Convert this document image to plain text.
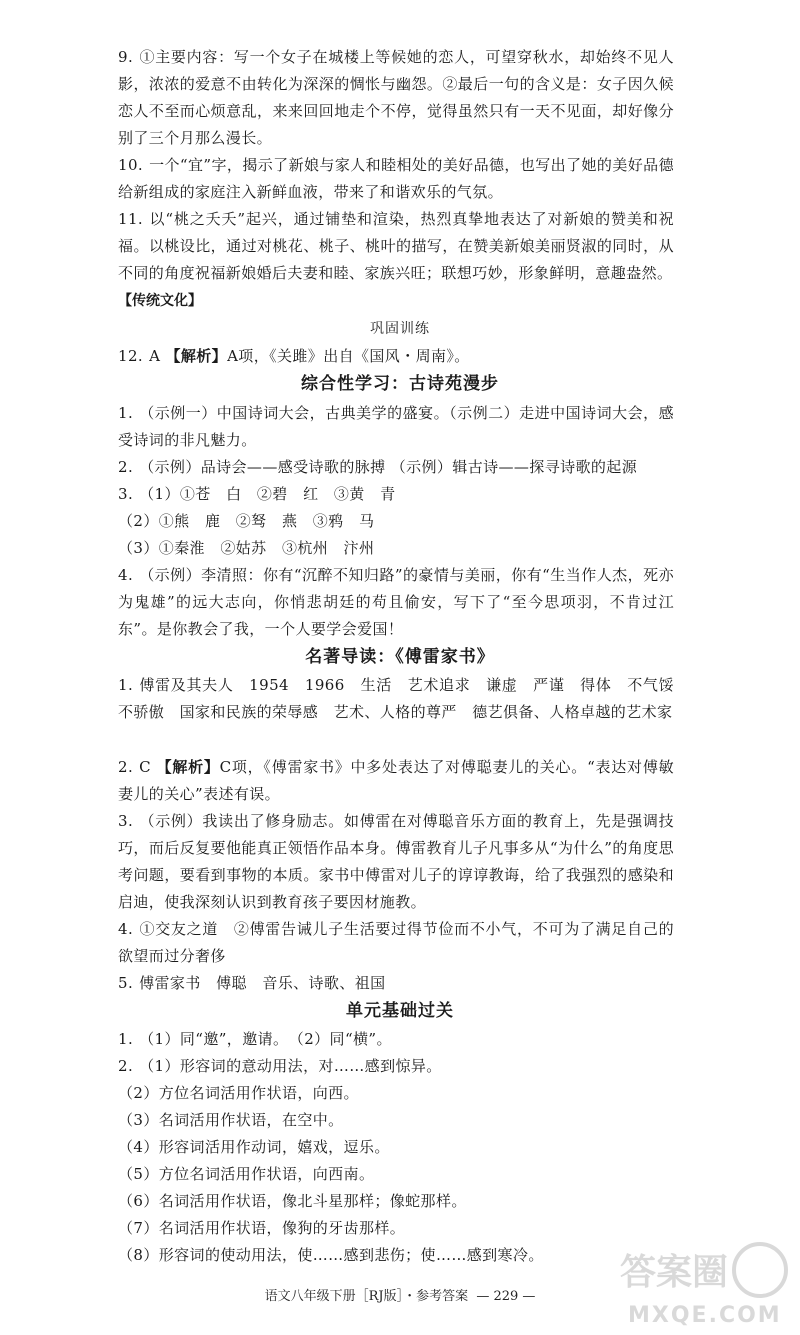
9. ①主要内容：写一个女子在城楼上等候她的恋人，可望穿秋水，却始终不见人影，浓浓的爱意不由转化为深深的惆怅与幽怨。②最后一句的含义是：女子因久候恋人不至而心烦意乱，来来回回地走个不停，觉得虽然只有一天不见面，却好像分别了三个月那么漫长。

10. 一个“宜”字，揭示了新娘与家人和睦相处的美好品德，也写出了她的美好品德给新组成的家庭注入新鲜血液，带来了和谐欢乐的气氛。

11. 以“桃之夭夭”起兴，通过铺垫和渲染，热烈真挚地表达了对新娘的赞美和祝福。以桃设比，通过对桃花、桃子、桃叶的描写，在赞美新娘美丽贤淑的同时，从不同的角度祝福新娘婚后夫妻和睦、家族兴旺；联想巧妙，形象鲜明，意趣盎然。

【传统文化】
巩固训练

12. A 【解析】A项，《关雎》出自《国风・周南》。

综合性学习：古诗苑漫步

1. （示例一）中国诗词大会，古典美学的盛宴。（示例二）走进中国诗词大会，感受诗词的非凡魅力。

2. （示例）品诗会——感受诗歌的脉搏 （示例）辑古诗——探寻诗歌的起源

3. （1）①苍　白　②碧　红　③黄　青

（2）①熊　鹿　②驽　燕　③鸦　马

（3）①秦淮　②姑苏　③杭州　汴州

4. （示例）李清照：你有“沉醉不知归路”的豪情与美丽，你有“生当作人杰，死亦为鬼雄”的远大志向，你悄悲胡廷的苟且偷安，写下了“至今思项羽，不肯过江东”。是你教会了我，一个人要学会爱国！

名著导读：《傅雷家书》

1. 傅雷及其夫人　1954　1966　生活　艺术追求　谦虚　严谨　得体　不气馁　不骄傲　国家和民族的荣辱感　艺术、人格的尊严　德艺俱备、人格卓越的艺术家

2. C 【解析】C项，《傅雷家书》中多处表达了对傅聪妻儿的关心。“表达对傅敏妻儿的关心”表述有误。

3. （示例）我读出了修身励志。如傅雷在对傅聪音乐方面的教育上，先是强调技巧，而后反复要他能真正领悟作品本身。傅雷教育儿子凡事多从“为什么”的角度思考问题，要看到事物的本质。家书中傅雷对儿子的谆谆教诲，给了我强烈的感染和启迪，使我深刻认识到教育孩子要因材施教。

4. ①交友之道　②傅雷告诫儿子生活要过得节俭而不小气，不可为了满足自己的欲望而过分奢侈

5. 傅雷家书　傅聪　音乐、诗歌、祖国

单元基础过关

1. （1）同“邀”，邀请。　（2）同“横”。

2. （1）形容词的意动用法，对……感到惊异。

（2）方位名词活用作状语，向西。

（3）名词活用作状语，在空中。

（4）形容词活用作动词，嬉戏，逗乐。

（5）方位名词活用作状语，向西南。

（6）名词活用作状语，像北斗星那样；像蛇那样。

（7）名词活用作状语，像狗的牙齿那样。

（8）形容词的使动用法，使……感到悲伤；使……感到寒冷。

语文八年级下册［RJ版］・参考答案 — 229 —
答案圈
MXQE.COM
